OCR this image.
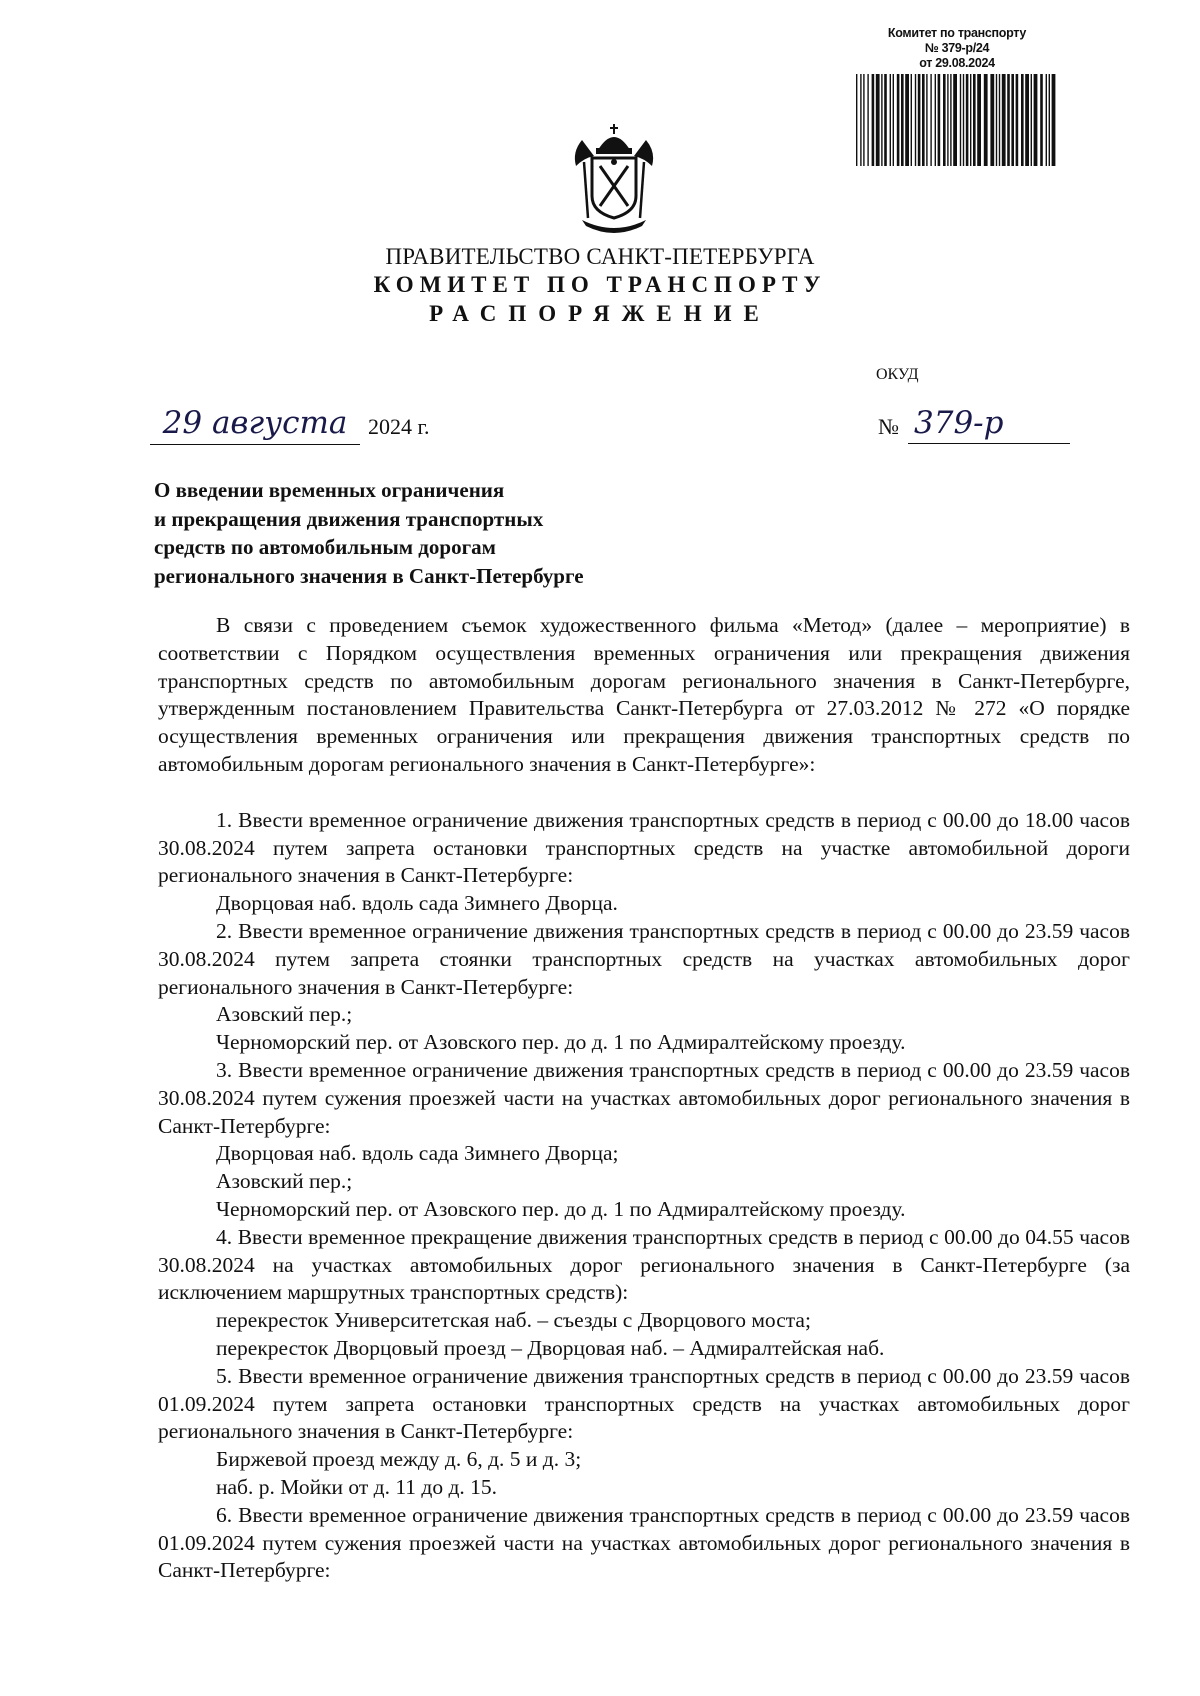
Комитет по транспорту
№ 379-р/24
от 29.08.2024
ПРАВИТЕЛЬСТВО САНКТ-ПЕТЕРБУРГА
КОМИТЕТ ПО ТРАНСПОРТУ
РАСПОРЯЖЕНИЕ
ОКУД
29 августа 2024 г.	№ 379-р
О введении временных ограничения
и прекращения движения транспортных
средств по автомобильным дорогам
регионального значения в Санкт-Петербурге

В связи с проведением съемок художественного фильма «Метод» (далее – мероприятие) в соответствии с Порядком осуществления временных ограничения или прекращения движения транспортных средств по автомобильным дорогам регионального значения в Санкт-Петербурге, утвержденным постановлением Правительства Санкт-Петербурга от 27.03.2012 № 272 «О порядке осуществления временных ограничения или прекращения движения транспортных средств по автомобильным дорогам регионального значения в Санкт-Петербурге»:

1. Ввести временное ограничение движения транспортных средств в период с 00.00 до 18.00 часов 30.08.2024 путем запрета остановки транспортных средств на участке автомобильной дороги регионального значения в Санкт-Петербурге:

Дворцовая наб. вдоль сада Зимнего Дворца.

2. Ввести временное ограничение движения транспортных средств в период с 00.00 до 23.59 часов 30.08.2024 путем запрета стоянки транспортных средств на участках автомобильных дорог регионального значения в Санкт-Петербурге:

Азовский пер.;

Черноморский пер. от Азовского пер. до д. 1 по Адмиралтейскому проезду.

3. Ввести временное ограничение движения транспортных средств в период с 00.00 до 23.59 часов 30.08.2024 путем сужения проезжей части на участках автомобильных дорог регионального значения в Санкт-Петербурге:

Дворцовая наб. вдоль сада Зимнего Дворца;

Азовский пер.;

Черноморский пер. от Азовского пер. до д. 1 по Адмиралтейскому проезду.

4. Ввести временное прекращение движения транспортных средств в период с 00.00 до 04.55 часов 30.08.2024 на участках автомобильных дорог регионального значения в Санкт-Петербурге (за исключением маршрутных транспортных средств):

перекресток Университетская наб. – съезды с Дворцового моста;

перекресток Дворцовый проезд – Дворцовая наб. – Адмиралтейская наб.

5. Ввести временное ограничение движения транспортных средств в период с 00.00 до 23.59 часов 01.09.2024 путем запрета остановки транспортных средств на участках автомобильных дорог регионального значения в Санкт-Петербурге:

Биржевой проезд между д. 6, д. 5 и д. 3;

наб. р. Мойки от д. 11 до д. 15.

6. Ввести временное ограничение движения транспортных средств в период с 00.00 до 23.59 часов 01.09.2024 путем сужения проезжей части на участках автомобильных дорог регионального значения в Санкт-Петербурге:
